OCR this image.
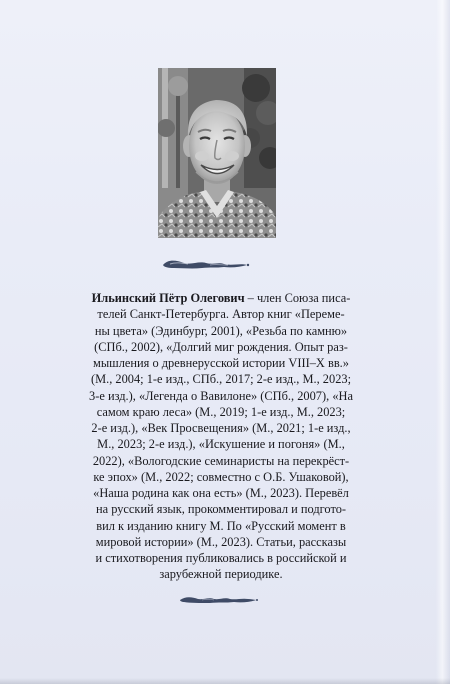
Ильинский Пётр Олегович – член Союза писа-
телей Санкт-Петербурга. Автор книг «Переме-
ны цвета» (Эдинбург, 2001), «Резьба по камню»
(СПб., 2002), «Долгий миг рождения. Опыт раз-
мышления о древнерусской истории VIII–X вв.»
(М., 2004; 1-е изд., СПб., 2017; 2-е изд., М., 2023;
3-е изд.), «Легенда о Вавилоне» (СПб., 2007), «На
самом краю леса» (М., 2019; 1-е изд., М., 2023;
2-е изд.), «Век Просвещения» (М., 2021; 1-е изд.,
М., 2023; 2-е изд.), «Искушение и погоня» (М.,
2022), «Вологодские семинаристы на перекрёст-
ке эпох» (М., 2022; совместно с О.Б. Ушаковой),
«Наша родина как она есть» (М., 2023). Перевёл
на русский язык, прокомментировал и подгото-
вил к изданию книгу М. По «Русский момент в
мировой истории» (М., 2023). Статьи, рассказы
и стихотворения публиковались в российской и
зарубежной периодике.
